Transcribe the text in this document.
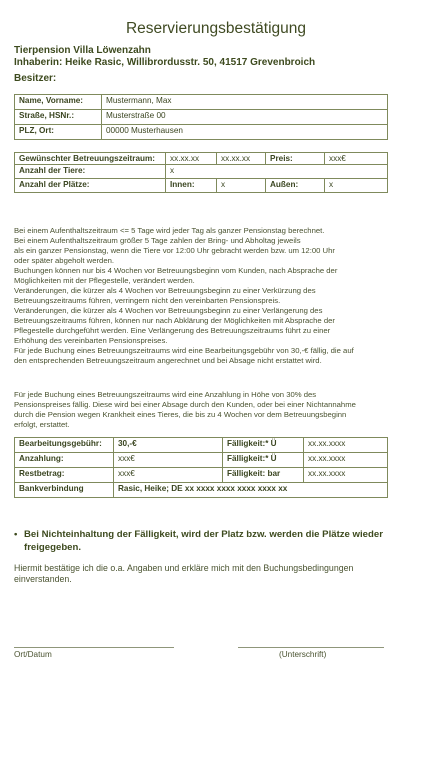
Reservierungsbestätigung
Tierpension Villa Löwenzahn
Inhaberin: Heike Rasic, Willibrordusstr. 50, 41517 Grevenbroich
Besitzer:
Name, Vorname:	Mustermann, Max
Straße, HSNr.:	Musterstraße 00
PLZ, Ort:	00000 Musterhausen
Gewünschter Betreuungszeitraum:	xx.xx.xx	xx.xx.xx	Preis:	xxx€
Anzahl der Tiere:	x			
Anzahl der Plätze:	Innen:	x	Außen:	x
Bei einem Aufenthaltszeitraum <= 5 Tage wird jeder Tag als ganzer Pensionstag berechnet.
Bei einem Aufenthaltszeitraum größer 5 Tage zahlen der Bring- und Abholtag jeweils
als ein ganzer Pensionstag, wenn die Tiere vor 12:00 Uhr gebracht werden bzw. um 12:00 Uhr
oder später abgeholt werden.
Buchungen können nur bis 4 Wochen vor Betreuungsbeginn vom Kunden, nach Absprache der
Möglichkeiten mit der Pflegestelle, verändert werden.
Veränderungen, die kürzer als 4 Wochen vor Betreuungsbeginn zu einer Verkürzung des
Betreuungszeitraums führen, verringern nicht den vereinbarten Pensionspreis.
Veränderungen, die kürzer als 4 Wochen vor Betreuungsbeginn zu einer Verlängerung des
Betreuungszeitraums führen, können nur nach Abklärung der Möglichkeiten mit Absprache der
Pflegestelle durchgeführt werden. Eine Verlängerung des Betreuungszeitraums führt zu einer
Erhöhung des vereinbarten Pensionspreises.
Für jede Buchung eines Betreuungszeitraums wird eine Bearbeitungsgebühr von 30,-€ fällig, die auf
den entsprechenden Betreuungszeitraum angerechnet und bei Absage nicht erstattet wird.
Für jede Buchung eines Betreuungszeitraums wird eine Anzahlung in Höhe von 30% des
Pensionspreises fällig. Diese wird bei einer Absage durch den Kunden, oder bei einer Nichtannahme
durch die Pension wegen Krankheit eines Tieres, die bis zu 4 Wochen vor dem Betreuungsbeginn
erfolgt, erstattet.
Bearbeitungsgebühr:	30,-€	Fälligkeit:* Ü	xx.xx.xxxx
Anzahlung:	xxx€	Fälligkeit:* Ü	xx.xx.xxxx
Restbetrag:	xxx€	Fälligkeit: bar	xx.xx.xxxx
Bankverbindung	Rasic, Heike; DE xx xxxx xxxx xxxx xxxx xx		
• Bei Nichteinhaltung der Fälligkeit, wird der Platz bzw. werden die Plätze wieder freigegeben.
Hiermit bestätige ich die o.a. Angaben und erkläre mich mit den Buchungsbedingungen einverstanden.
Ort/Datum	(Unterschrift)
